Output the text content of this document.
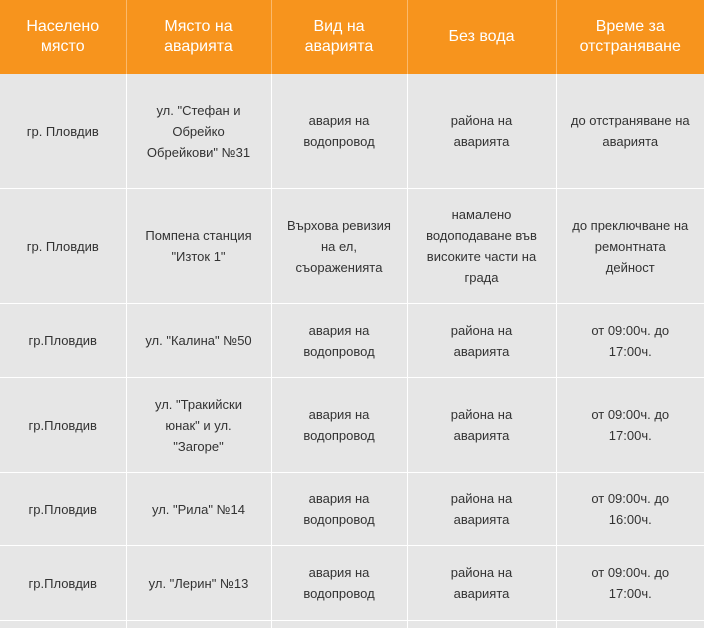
Населено място	Място на аварията	Вид на аварията	Без вода	Време за отстраняване
гр. Пловдив	ул. "Стефан и Обрейко Обрейкови" №31	авария на водопровод	района на аварията	до отстраняване на аварията
гр. Пловдив	Помпена станция "Изток 1"	Върхова ревизия на ел, съоражениятa	намалено водоподаване във високите части на града	до преключване на ремонтната дейност
гр.Пловдив	ул. "Калина" №50	авария на водопровод	района на аварията	от 09:00ч. до 17:00ч.
гр.Пловдив	ул. "Тракийски юнак" и ул. "Загоре"	авария на водопровод	района на аварията	от 09:00ч. до 17:00ч.
гр.Пловдив	ул. "Рила" №14	авария на водопровод	района на аварията	от 09:00ч. до 16:00ч.
гр.Пловдив	ул. "Лерин" №13	авария на водопровод	района на аварията	от 09:00ч. до 17:00ч.
